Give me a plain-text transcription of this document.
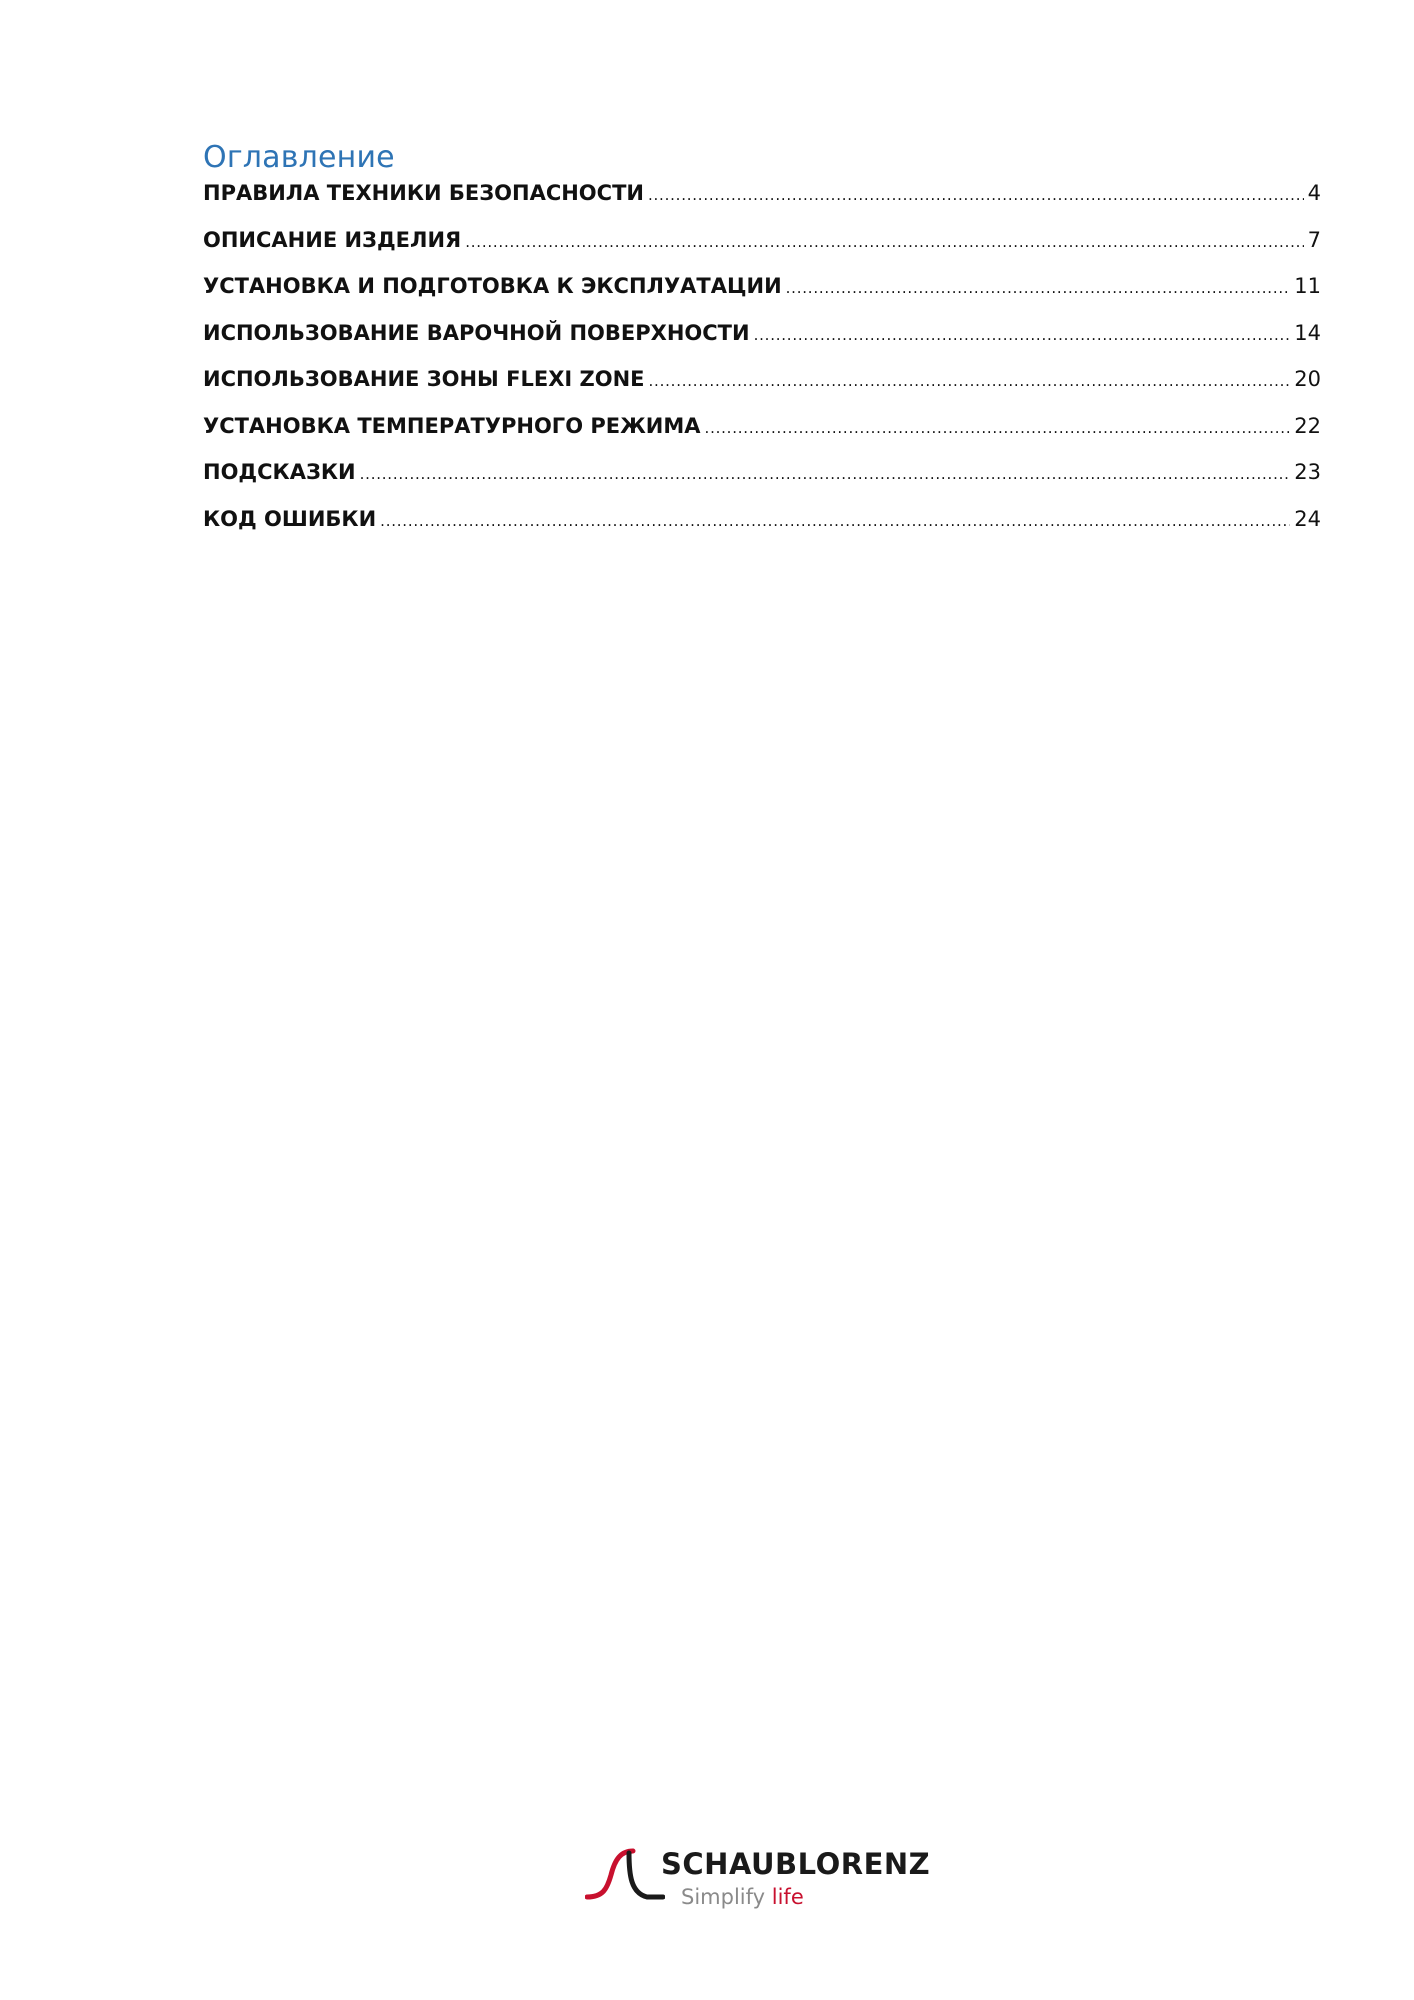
Оглавление
ПРАВИЛА ТЕХНИКИ БЕЗОПАСНОСТИ . . .	4
ОПИСАНИЕ ИЗДЕЛИЯ . . .	7
УСТАНОВКА И ПОДГОТОВКА К ЭКСПЛУАТАЦИИ . . .	11
ИСПОЛЬЗОВАНИЕ ВАРОЧНОЙ ПОВЕРХНОСТИ . . .	14
ИСПОЛЬЗОВАНИЕ ЗОНЫ FLEXI ZONE . . .	20
УСТАНОВКА ТЕМПЕРАТУРНОГО РЕЖИМА . . .	22
ПОДСКАЗКИ . . .	23
КОД ОШИБКИ . . .	24
SCHAUBLORENZ
Simplify life
